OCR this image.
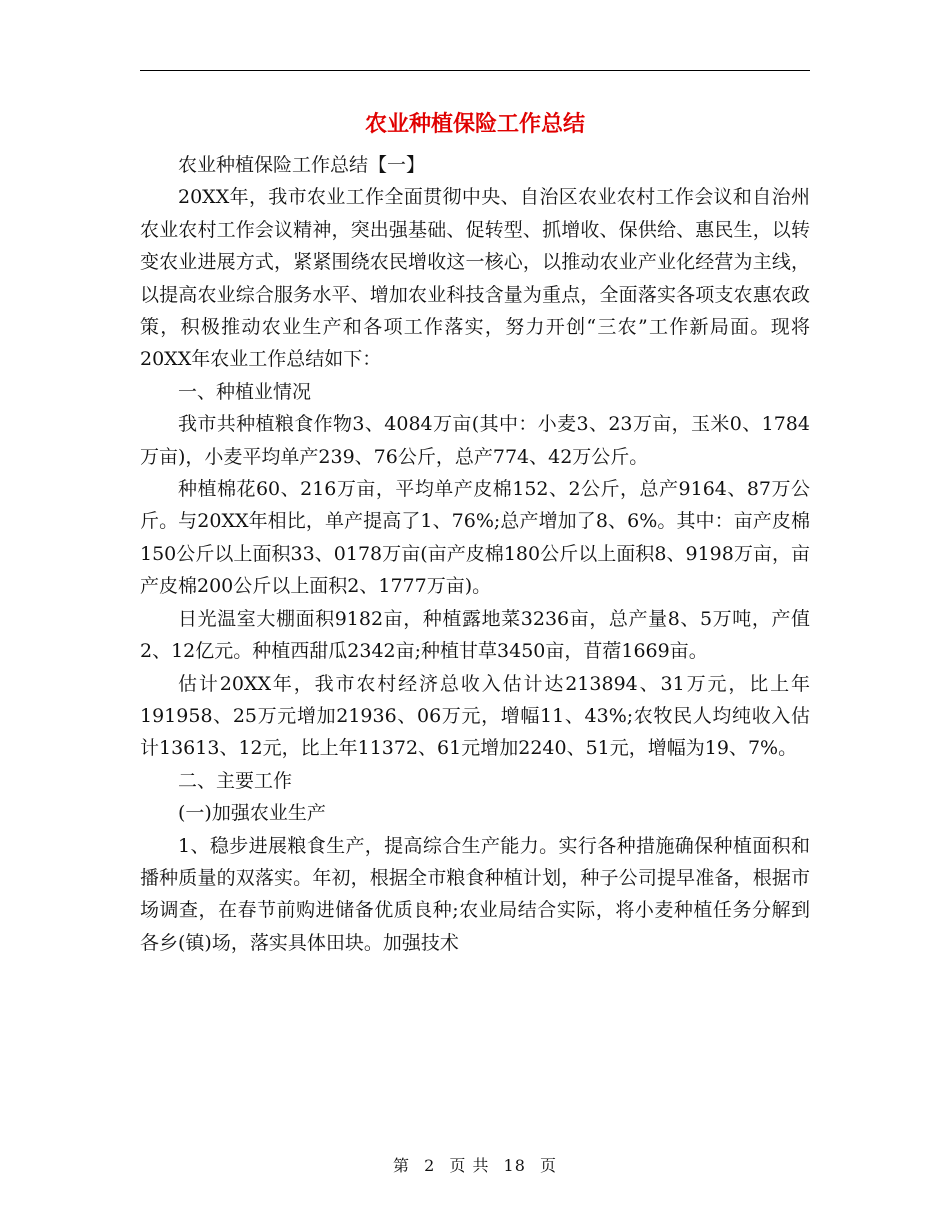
农业种植保险工作总结

农业种植保险工作总结【一】

20XX年，我市农业工作全面贯彻中央、自治区农业农村工作会议和自治州农业农村工作会议精神，突出强基础、促转型、抓增收、保供给、惠民生，以转变农业进展方式，紧紧围绕农民增收这一核心，以推动农业产业化经营为主线，以提高农业综合服务水平、增加农业科技含量为重点，全面落实各项支农惠农政策，积极推动农业生产和各项工作落实，努力开创“三农”工作新局面。现将20XX年农业工作总结如下：

一、种植业情况

我市共种植粮食作物3、4084万亩(其中：小麦3、23万亩，玉米0、1784万亩)，小麦平均单产239、76公斤，总产774、42万公斤。

种植棉花60、216万亩，平均单产皮棉152、2公斤，总产9164、87万公斤。与20XX年相比，单产提高了1、76%;总产增加了8、6%。其中：亩产皮棉150公斤以上面积33、0178万亩(亩产皮棉180公斤以上面积8、9198万亩，亩产皮棉200公斤以上面积2、1777万亩)。

日光温室大棚面积9182亩，种植露地菜3236亩，总产量8、5万吨，产值2、12亿元。种植西甜瓜2342亩;种植甘草3450亩，苜蓿1669亩。

估计20XX年，我市农村经济总收入估计达213894、31万元，比上年191958、25万元增加21936、06万元，增幅11、43%;农牧民人均纯收入估计13613、12元，比上年11372、61元增加2240、51元，增幅为19、7%。

二、主要工作

(一)加强农业生产

1、稳步进展粮食生产，提高综合生产能力。实行各种措施确保种植面积和播种质量的双落实。年初，根据全市粮食种植计划，种子公司提早准备，根据市场调查，在春节前购进储备优质良种;农业局结合实际，将小麦种植任务分解到各乡(镇)场，落实具体田块。加强技术

第 2 页 共 18 页
